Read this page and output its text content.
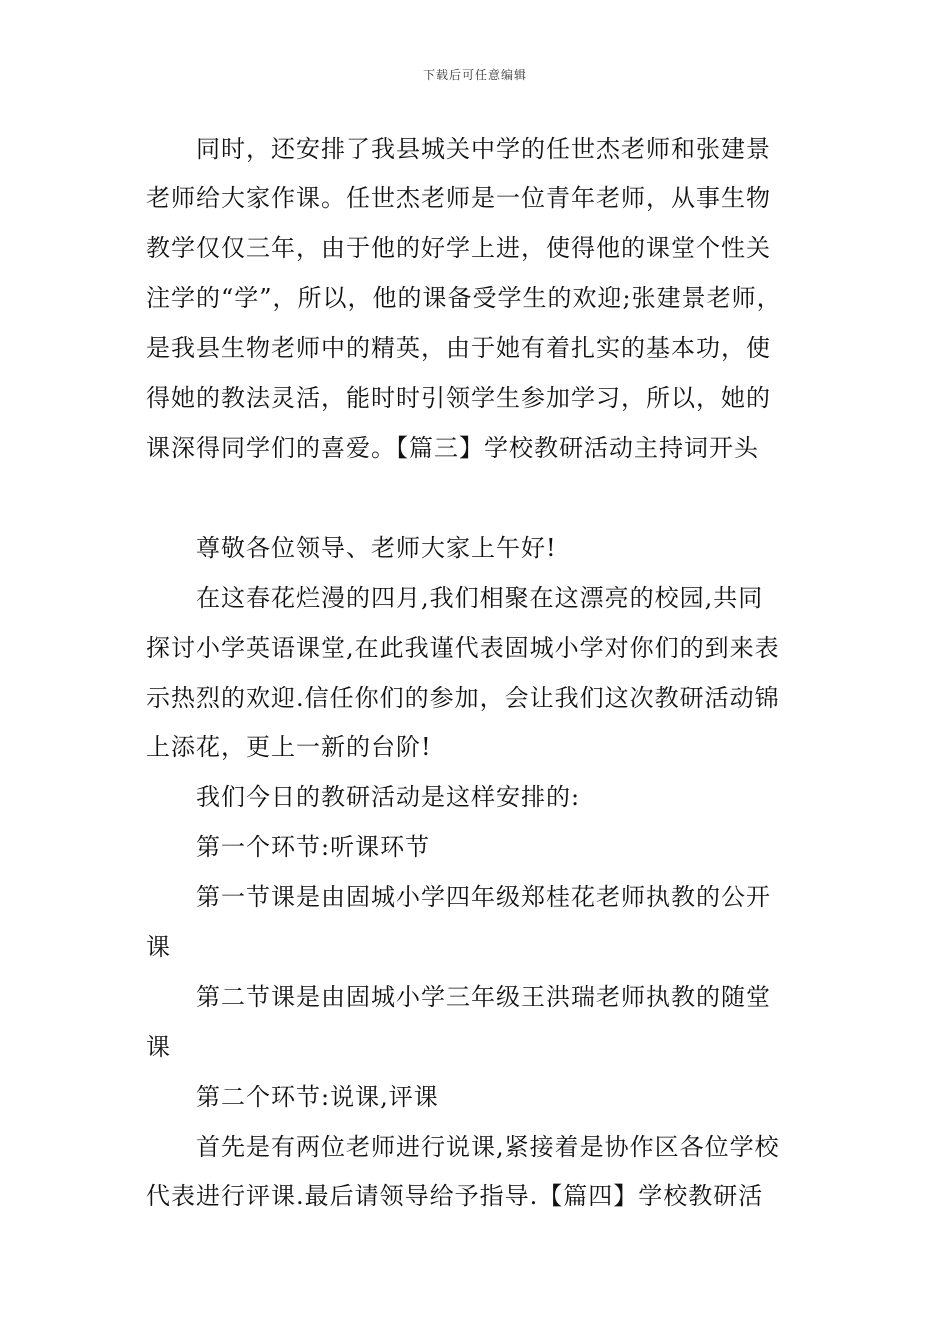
下载后可任意编辑
同时，还安排了我县城关中学的任世杰老师和张建景
老师给大家作课。任世杰老师是一位青年老师，从事生物
教学仅仅三年，由于他的好学上进，使得他的课堂个性关
注学的“学”，所以，他的课备受学生的欢迎;张建景老师，
是我县生物老师中的精英，由于她有着扎实的基本功，使
得她的教法灵活，能时时引领学生参加学习，所以，她的
课深得同学们的喜爱。【篇三】学校教研活动主持词开头
尊敬各位领导、老师大家上午好!
在这春花烂漫的四月,我们相聚在这漂亮的校园,共同
探讨小学英语课堂,在此我谨代表固城小学对你们的到来表
示热烈的欢迎.信任你们的参加，会让我们这次教研活动锦
上添花，更上一新的台阶!
我们今日的教研活动是这样安排的:
第一个环节:听课环节
第一节课是由固城小学四年级郑桂花老师执教的公开
课
第二节课是由固城小学三年级王洪瑞老师执教的随堂
课
第二个环节:说课,评课
首先是有两位老师进行说课,紧接着是协作区各位学校
代表进行评课.最后请领导给予指导.【篇四】学校教研活
